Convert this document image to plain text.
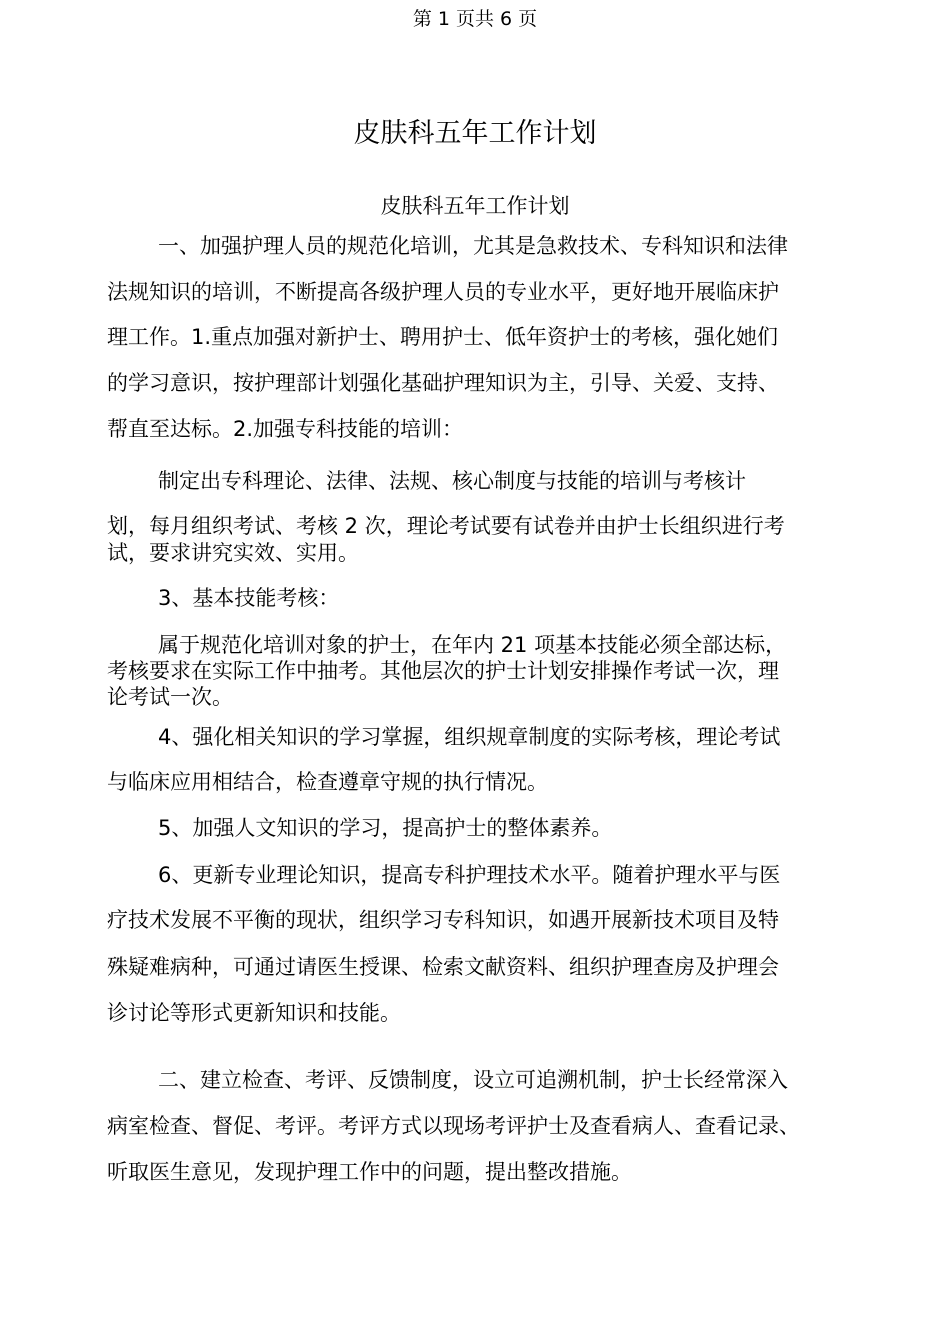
第 1 页共 6 页
皮肤科五年工作计划
皮肤科五年工作计划
一、加强护理人员的规范化培训，尤其是急救技术、专科知识和法律
法规知识的培训，不断提高各级护理人员的专业水平，更好地开展临床护
理工作。1.重点加强对新护士、聘用护士、低年资护士的考核，强化她们
的学习意识，按护理部计划强化基础护理知识为主，引导、关爱、支持、
帮直至达标。2.加强专科技能的培训：
制定出专科理论、法律、法规、核心制度与技能的培训与考核计
划，每月组织考试、考核 2 次，理论考试要有试卷并由护士长组织进行考
试，要求讲究实效、实用。
3、基本技能考核：
属于规范化培训对象的护士，在年内 21 项基本技能必须全部达标，
考核要求在实际工作中抽考。其他层次的护士计划安排操作考试一次，理
论考试一次。
4、强化相关知识的学习掌握，组织规章制度的实际考核，理论考试
与临床应用相结合，检查遵章守规的执行情况。
5、加强人文知识的学习，提高护士的整体素养。
6、更新专业理论知识，提高专科护理技术水平。随着护理水平与医
疗技术发展不平衡的现状，组织学习专科知识，如遇开展新技术项目及特
殊疑难病种，可通过请医生授课、检索文献资料、组织护理查房及护理会
诊讨论等形式更新知识和技能。
二、建立检查、考评、反馈制度，设立可追溯机制，护士长经常深入
病室检查、督促、考评。考评方式以现场考评护士及查看病人、查看记录、
听取医生意见，发现护理工作中的问题，提出整改措施。
